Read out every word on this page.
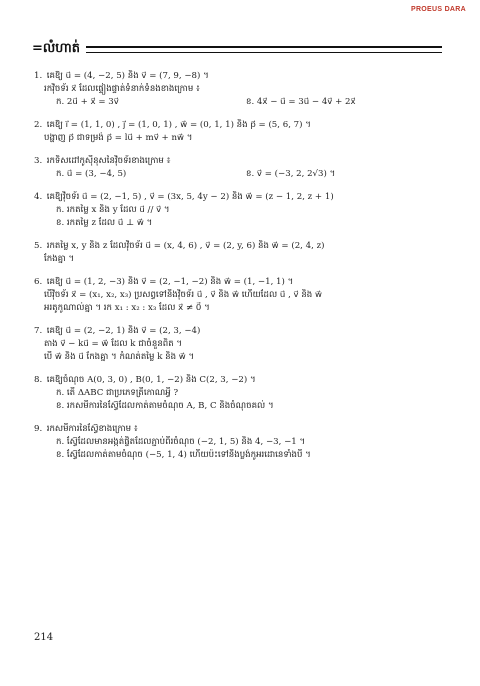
PROEUS DARA
=លំហាត់
1. គេឱ្យ u⃗ = (4, −2, 5) និង v⃗ = (7, 9, −8) ។
រកវ៉ិចទ័រ x⃗ ដែលផ្ទៀងផ្ទាត់ទំនាក់ទំនងខាងក្រោម ៖
ក. 2u⃗ + x⃗ = 3v⃗	ខ. 4x⃗ − u⃗ = 3u⃗ − 4v⃗ + 2x⃗
2. គេឱ្យ i⃗ = (1, 1, 0) , j⃗ = (1, 0, 1) , w⃗ = (0, 1, 1) និង p⃗ = (5, 6, 7) ។
បង្ហាញ p⃗ ជាទម្រង់ p⃗ = lu⃗ + mv⃗ + nw⃗ ។
3. រកទិសដៅកូស៊ីនុសនៃវ៉ិចទ័រខាងក្រោម ៖
ក. u⃗ = (3, −4, 5)	ខ. v⃗ = (−3, 2, 2√3) ។
4. គេឱ្យវ៉ិចទ័រ u⃗ = (2, −1, 5) , v⃗ = (3x, 5, 4y − 2) និង w⃗ = (z − 1, 2, z + 1)
ក. រកតម្លៃ x និង y ដែល u⃗ // v⃗ ។
ខ. រកតម្លៃ z ដែល u⃗ ⊥ w⃗ ។
5. រកតម្លៃ x, y និង z ដែលវ៉ិចទ័រ u⃗ = (x, 4, 6) , v⃗ = (2, y, 6) និង w⃗ = (2, 4, z)
កែងគ្នា ។
6. គេឱ្យ u⃗ = (1, 2, −3) និង v⃗ = (2, −1, −2) និង w⃗ = (1, −1, 1) ។
បើវ៉ិចទ័រ x⃗ = (x₁, x₂, x₃) ប្រសព្វទៅនឹងវ៉ិចទ័រ u⃗ , v⃗ និង w⃗ ហើយដែល u⃗ , v⃗ និង w⃗
អរតូកូណាល់គ្នា ។ រក x₁ : x₂ : x₃ ដែល x⃗ ≠ 0⃗ ។
7. គេឱ្យ u⃗ = (2, −2, 1) និង v⃗ = (2, 3, −4)
តាង v⃗ − ku⃗ = w⃗ ដែល k ជាចំនួនពិត ។
បើ w⃗ និង u⃗ កែងគ្នា ។ កំណត់តម្លៃ k និង w⃗ ។
8. គេឱ្យចំណុច A(0, 3, 0) , B(0, 1, −2) និង C(2, 3, −2) ។
ក. តើ ΔABC ជាប្រភេទត្រីកោណអ្វី ?
ខ. រកសមីការនៃស្វ៊ែដែលកាត់តាមចំណុច A, B, C និងចំណុចគល់ ។
9. រកសមីការនៃស្វ៊ែខាងក្រោម ៖
ក. ស្វ៊ែដែលមានអង្កត់ផ្ចិតដែលភ្ជាប់ពីរចំណុច (−2, 1, 5) និង 4, −3, −1 ។
ខ. ស្វ៊ែដែលកាត់តាមចំណុច (−5, 1, 4) ហើយប៉ះទៅនឹងប្លង់កូអរដោនេទាំងបី ។
214
